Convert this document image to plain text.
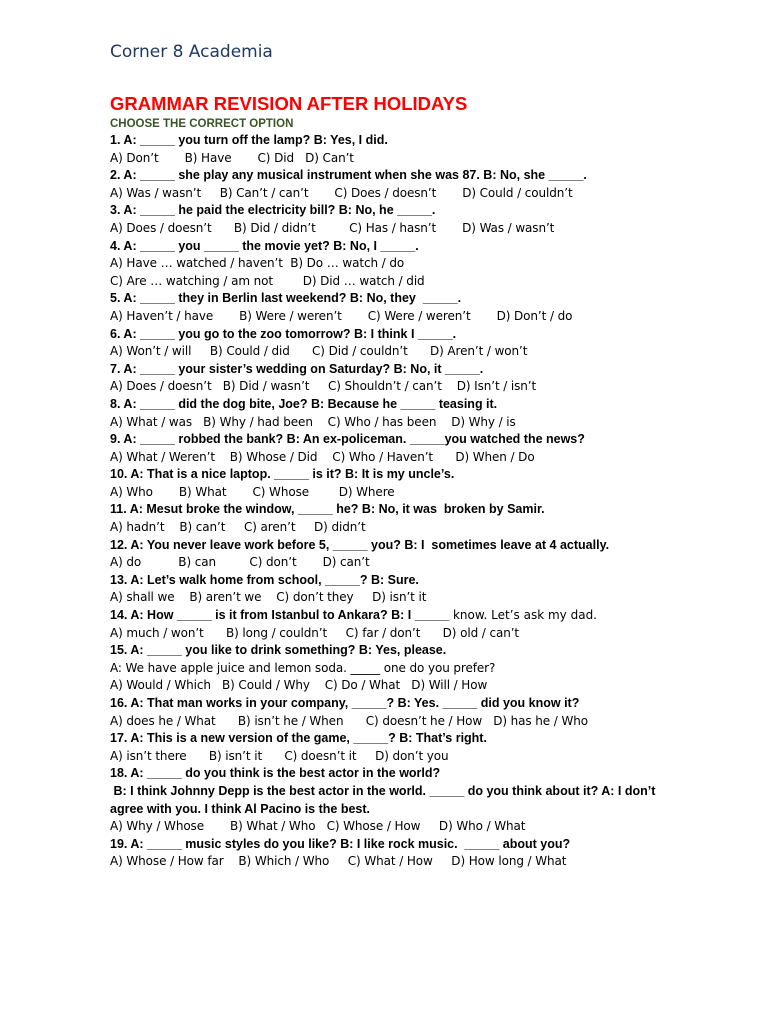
Corner 8 Academia
GRAMMAR REVISION AFTER HOLIDAYS
CHOOSE THE CORRECT OPTION
1. A: _____ you turn off the lamp? B: Yes, I did.
A) Don’t       B) Have       C) Did   D) Can’t
2. A: _____ she play any musical instrument when she was 87. B: No, she _____.
A) Was / wasn’t     B) Can’t / can’t       C) Does / doesn’t       D) Could / couldn’t
3. A: _____ he paid the electricity bill? B: No, he _____.
A) Does / doesn’t      B) Did / didn’t         C) Has / hasn’t       D) Was / wasn’t
4. A: _____ you _____ the movie yet? B: No, I _____.
A) Have … watched / haven’t  B) Do … watch / do
C) Are … watching / am not        D) Did … watch / did
5. A: _____ they in Berlin last weekend? B: No, they  _____.
A) Haven’t / have       B) Were / weren’t       C) Were / weren’t       D) Don’t / do
6. A: _____ you go to the zoo tomorrow? B: I think I _____.
A) Won’t / will     B) Could / did      C) Did / couldn’t      D) Aren’t / won’t
7. A: _____ your sister’s wedding on Saturday? B: No, it _____.
A) Does / doesn’t   B) Did / wasn’t     C) Shouldn’t / can’t    D) Isn’t / isn’t
8. A: _____ did the dog bite, Joe? B: Because he _____ teasing it.
A) What / was   B) Why / had been    C) Who / has been    D) Why / is
9. A: _____ robbed the bank? B: An ex-policeman. _____you watched the news?
A) What / Weren’t    B) Whose / Did    C) Who / Haven’t      D) When / Do
10. A: That is a nice laptop. _____ is it? B: It is my uncle’s.
A) Who       B) What       C) Whose        D) Where
11. A: Mesut broke the window, _____ he? B: No, it was  broken by Samir.
A) hadn’t    B) can’t     C) aren’t     D) didn’t
12. A: You never leave work before 5, _____ you? B: I  sometimes leave at 4 actually.
A) do          B) can         C) don’t       D) can’t
13. A: Let’s walk home from school, _____? B: Sure.
A) shall we    B) aren’t we    C) don’t they     D) isn’t it
14. A: How _____ is it from Istanbul to Ankara? B: I _____ know. Let’s ask my dad.
A) much / won’t      B) long / couldn’t     C) far / don’t      D) old / can’t
15. A: _____ you like to drink something? B: Yes, please.
A: We have apple juice and lemon soda. _____ one do you prefer?
A) Would / Which   B) Could / Why    C) Do / What   D) Will / How
16. A: That man works in your company, _____? B: Yes. _____ did you know it?
A) does he / What      B) isn’t he / When      C) doesn’t he / How   D) has he / Who
17. A: This is a new version of the game, _____? B: That’s right.
A) isn’t there      B) isn’t it      C) doesn’t it     D) don’t you
18. A: _____ do you think is the best actor in the world?
B: I think Johnny Depp is the best actor in the world. _____ do you think about it? A: I don’t
agree with you. I think Al Pacino is the best.
A) Why / Whose       B) What / Who   C) Whose / How     D) Who / What
19. A: _____ music styles do you like? B: I like rock music.  _____ about you?
A) Whose / How far    B) Which / Who     C) What / How     D) How long / What
